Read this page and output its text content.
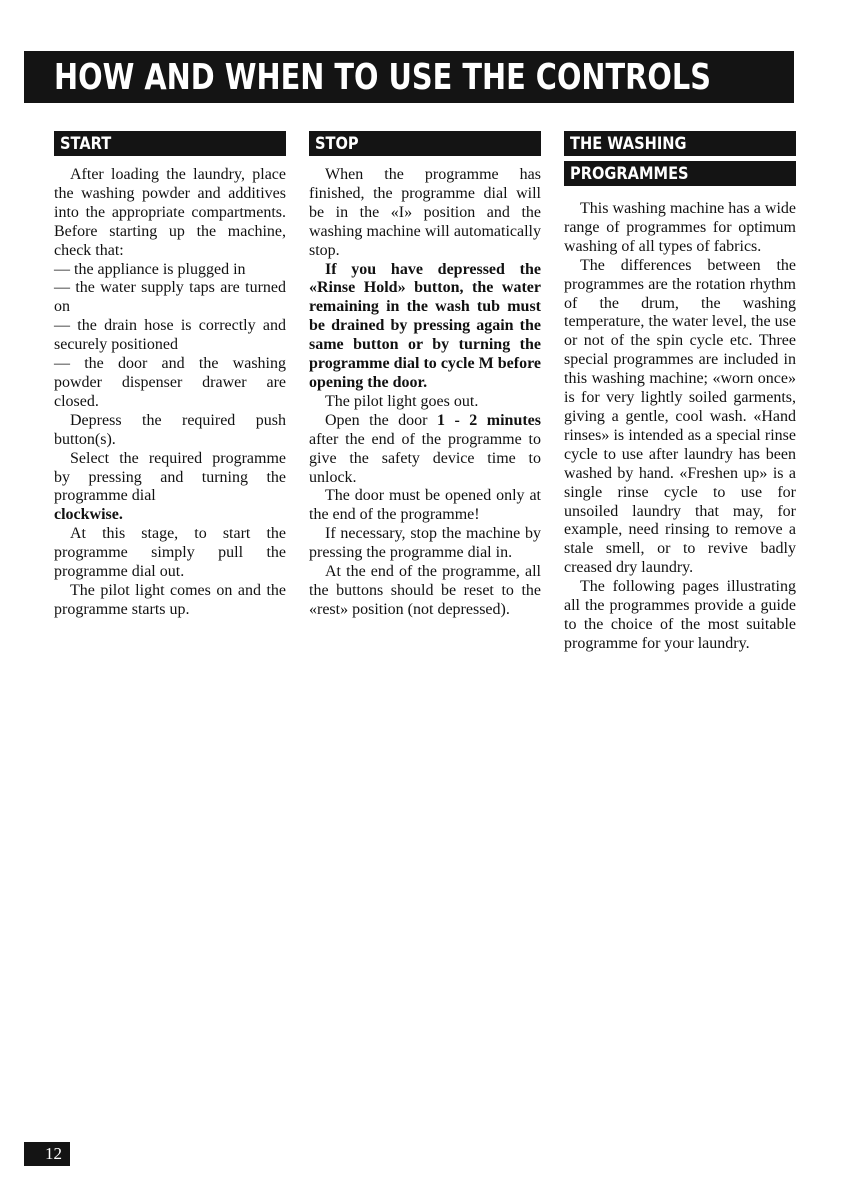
HOW AND WHEN TO USE THE CONTROLS
START

After loading the laundry, place the washing powder and additives into the appropriate compartments. Before starting up the machine, check that:

— the appliance is plugged in

— the water supply taps are turned on

— the drain hose is correctly and securely positioned

— the door and the washing powder dispenser drawer are closed.

Depress the required push button(s).

Select the required programme by pressing and turning the programme dial

clockwise.

At this stage, to start the programme simply pull the programme dial out.

The pilot light comes on and the programme starts up.

STOP

When the programme has finished, the programme dial will be in the «I» position and the washing machine will automatically stop.

If you have depressed the «Rinse Hold» button, the water remaining in the wash tub must be drained by pressing again the same button or by turning the programme dial to cycle M before opening the door.

The pilot light goes out.

Open the door 1 - 2 minutes after the end of the programme to give the safety device time to unlock.

The door must be opened only at the end of the programme!

If necessary, stop the machine by pressing the programme dial in.

At the end of the programme, all the buttons should be reset to the «rest» position (not depressed).

THE WASHING
PROGRAMMES

This washing machine has a wide range of programmes for optimum washing of all types of fabrics.

The differences between the programmes are the rotation rhythm of the drum, the washing temperature, the water level, the use or not of the spin cycle etc. Three special programmes are included in this washing machine; «worn once» is for very lightly soiled garments, giving a gentle, cool wash. «Hand rinses» is intended as a special rinse cycle to use after laundry has been washed by hand. «Freshen up» is a single rinse cycle to use for unsoiled laundry that may, for example, need rinsing to remove a stale smell, or to revive badly creased dry laundry.

The following pages illustrating all the programmes provide a guide to the choice of the most suitable programme for your laundry.

12
